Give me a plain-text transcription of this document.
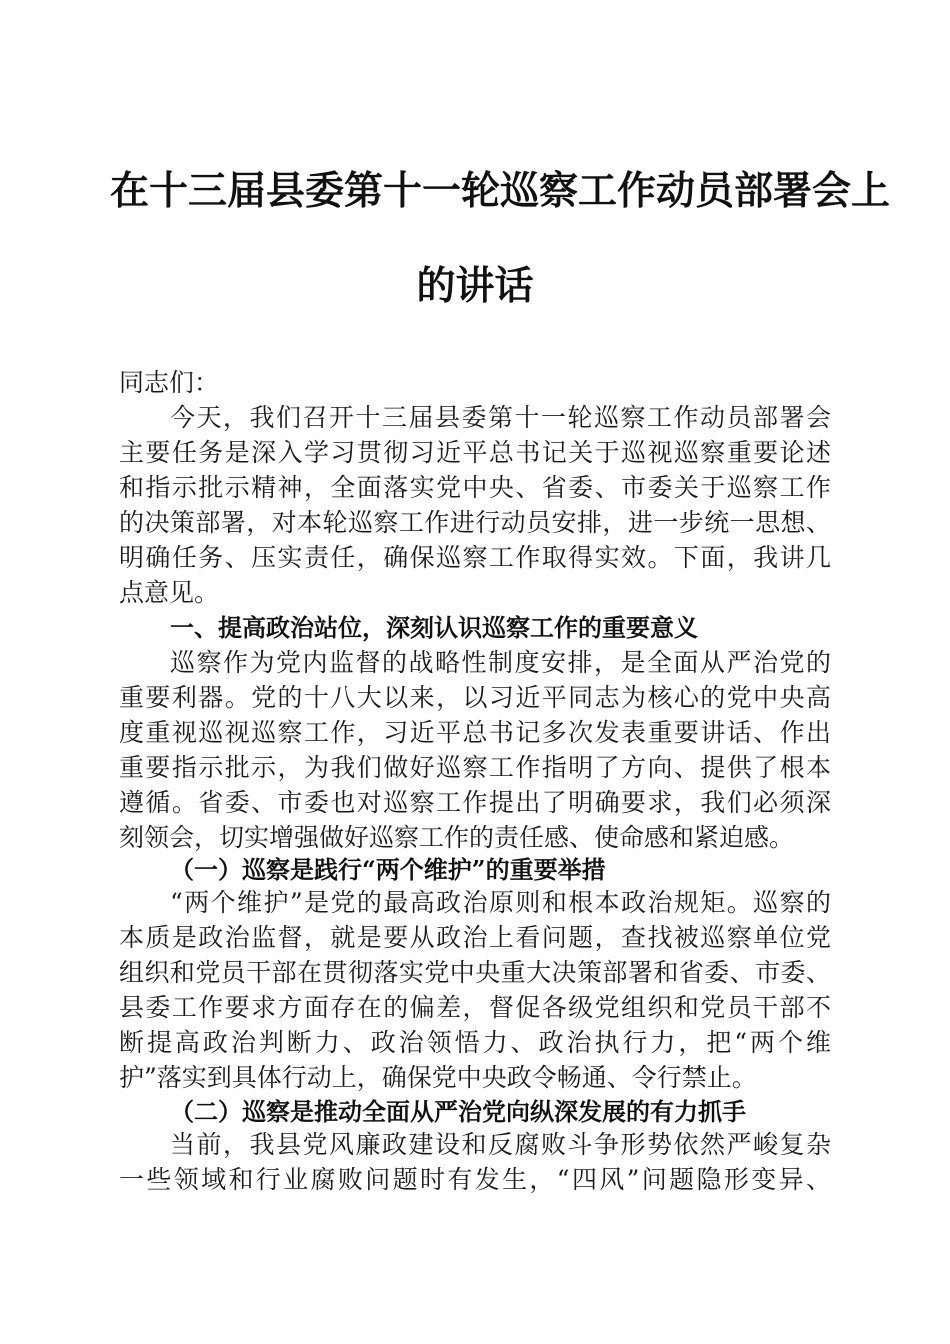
在十三届县委第十一轮巡察工作动员部署会上
的讲话
同志们：
今天，我们召开十三届县委第十一轮巡察工作动员部署会
主要任务是深入学习贯彻习近平总书记关于巡视巡察重要论述
和指示批示精神，全面落实党中央、省委、市委关于巡察工作
的决策部署，对本轮巡察工作进行动员安排，进一步统一思想、
明确任务、压实责任，确保巡察工作取得实效。下面，我讲几
点意见。
一、提高政治站位，深刻认识巡察工作的重要意义
巡察作为党内监督的战略性制度安排，是全面从严治党的
重要利器。党的十八大以来，以习近平同志为核心的党中央高
度重视巡视巡察工作，习近平总书记多次发表重要讲话、作出
重要指示批示，为我们做好巡察工作指明了方向、提供了根本
遵循。省委、市委也对巡察工作提出了明确要求，我们必须深
刻领会，切实增强做好巡察工作的责任感、使命感和紧迫感。
（一）巡察是践行“两个维护”的重要举措
“两个维护”是党的最高政治原则和根本政治规矩。巡察的
本质是政治监督，就是要从政治上看问题，查找被巡察单位党
组织和党员干部在贯彻落实党中央重大决策部署和省委、市委、
县委工作要求方面存在的偏差，督促各级党组织和党员干部不
断提高政治判断力、政治领悟力、政治执行力，把“两个维
护”落实到具体行动上，确保党中央政令畅通、令行禁止。
（二）巡察是推动全面从严治党向纵深发展的有力抓手
当前，我县党风廉政建设和反腐败斗争形势依然严峻复杂
一些领域和行业腐败问题时有发生，“四风”问题隐形变异、
